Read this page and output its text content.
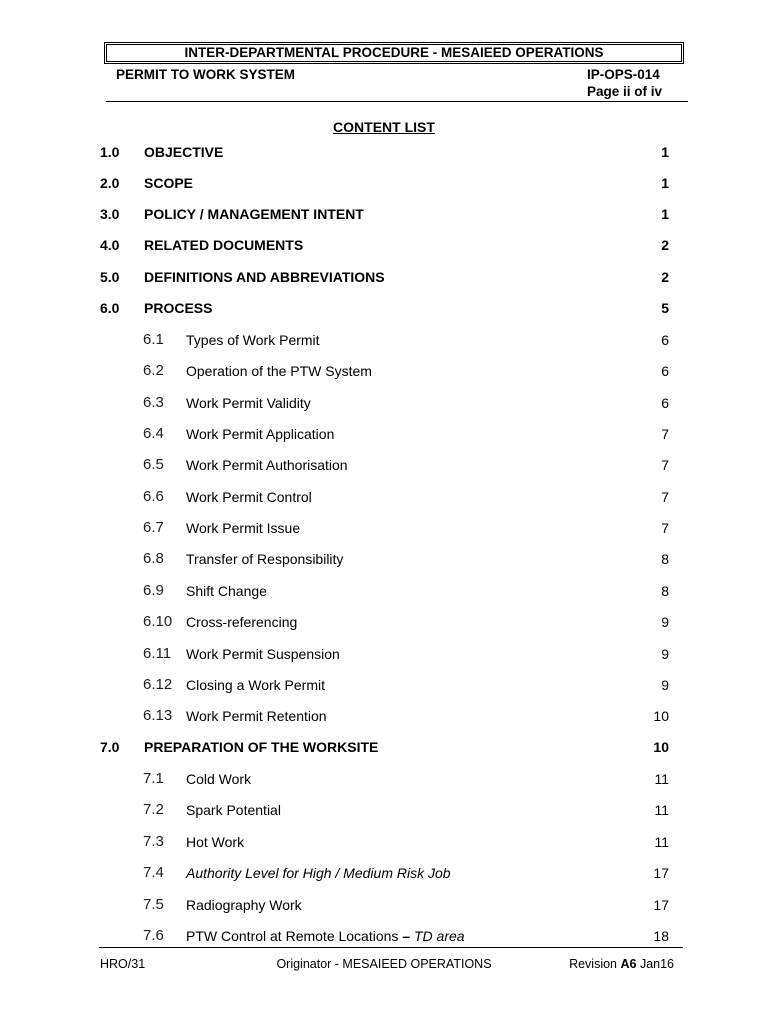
INTER-DEPARTMENTAL PROCEDURE - MESAIEED OPERATIONS
PERMIT TO WORK SYSTEM	IP-OPS-014
Page ii of iv
CONTENT LIST
1.0 OBJECTIVE	1
2.0 SCOPE	1
3.0 POLICY / MANAGEMENT INTENT	1
4.0 RELATED DOCUMENTS	2
5.0 DEFINITIONS AND ABBREVIATIONS	2
6.0 PROCESS	5
6.1 Types of Work Permit	6
6.2 Operation of the PTW System	6
6.3 Work Permit Validity	6
6.4 Work Permit Application	7
6.5 Work Permit Authorisation	7
6.6 Work Permit Control	7
6.7 Work Permit Issue	7
6.8 Transfer of Responsibility	8
6.9 Shift Change	8
6.10 Cross-referencing	9
6.11 Work Permit Suspension	9
6.12 Closing a Work Permit	9
6.13 Work Permit Retention	10
7.0 PREPARATION OF THE WORKSITE	10
7.1 Cold Work	11
7.2 Spark Potential	11
7.3 Hot Work	11
7.4 Authority Level for High / Medium Risk Job	17
7.5 Radiography Work	17
7.6 PTW Control at Remote Locations – TD area	18
HRO/31	Originator - MESAIEED OPERATIONS	Revision A6 Jan16
